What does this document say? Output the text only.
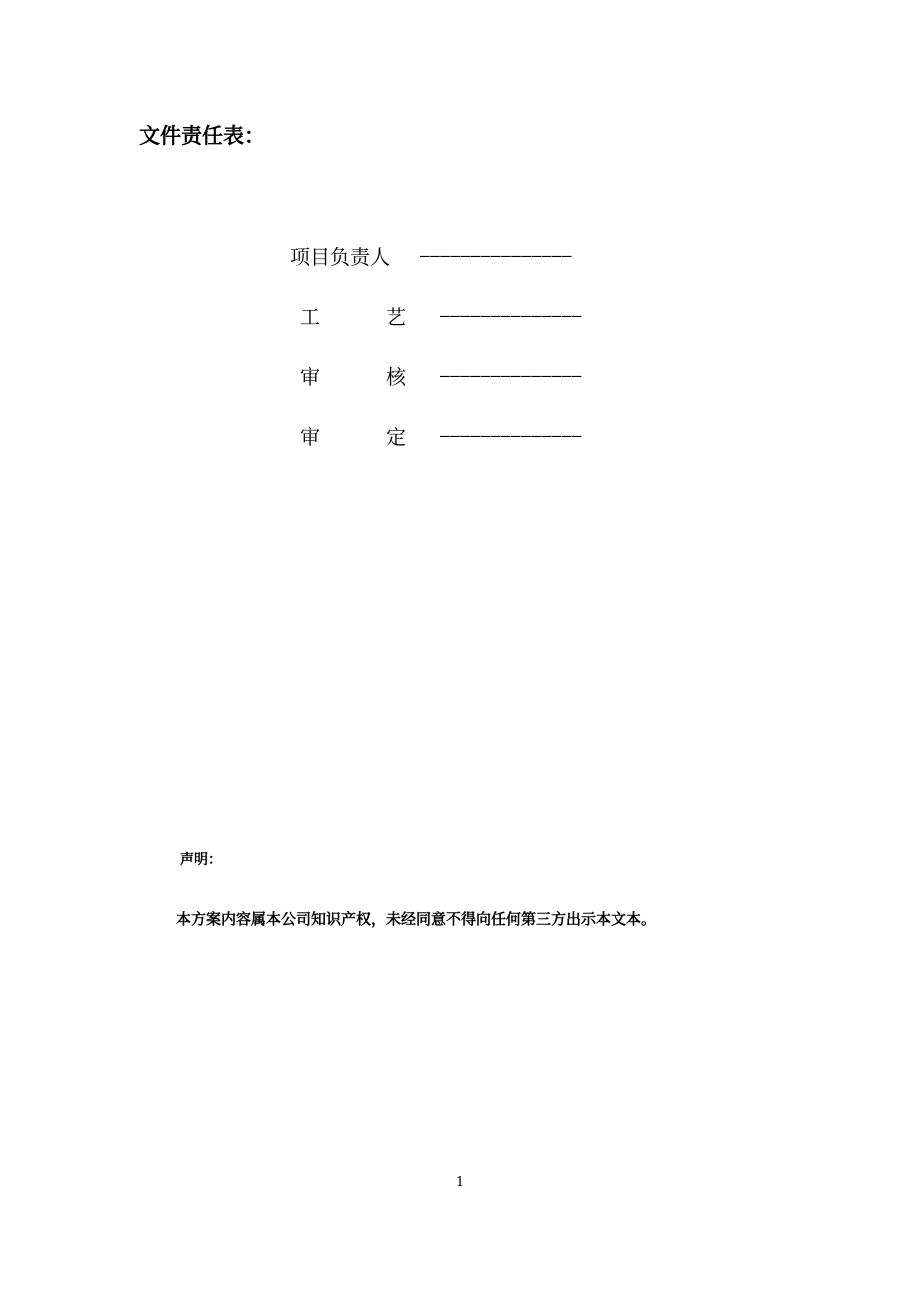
文件责任表：
项目负责人 ———————————————
工	艺 ——————————————
审	核 ——————————————
审	定 ——————————————
声明：
本方案内容属本公司知识产权，未经同意不得向任何第三方出示本文本。
1
